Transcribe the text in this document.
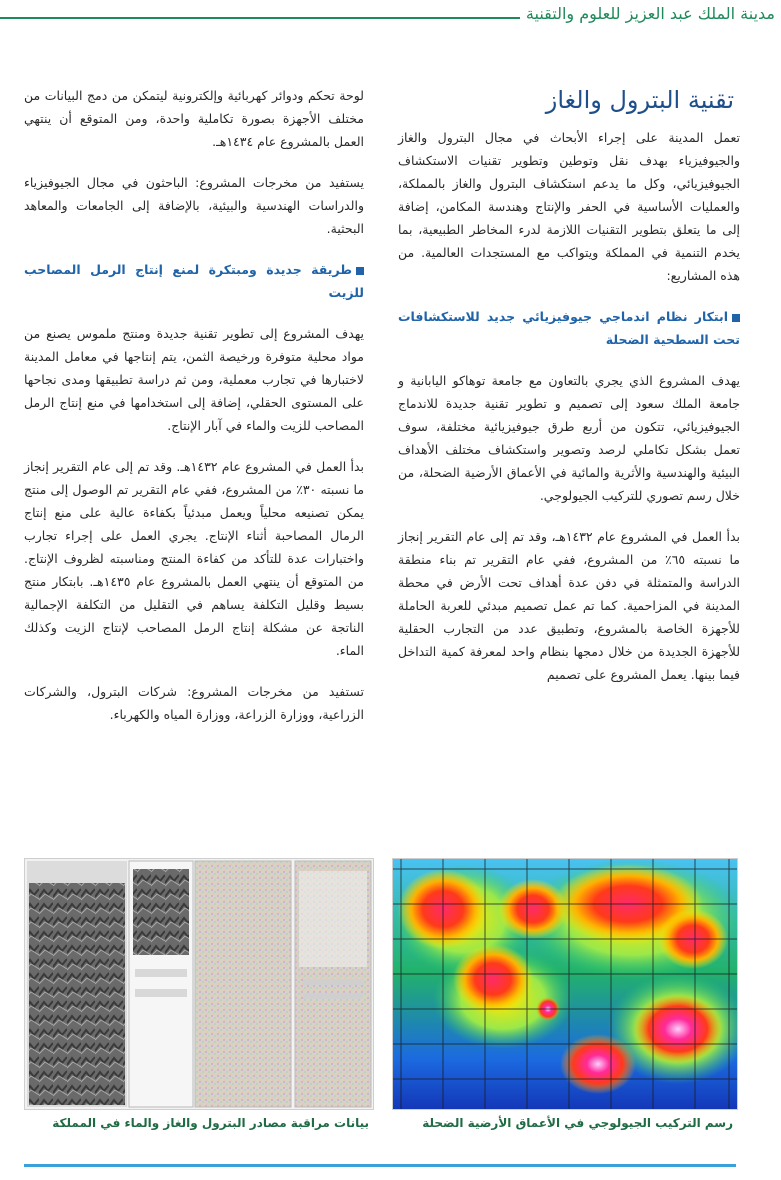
مدينة الملك عبد العزيز للعلوم والتقنية
تقنية البترول والغاز

تعمل المدينة على إجراء الأبحاث في مجال البترول والغاز والجيوفيزياء بهدف نقل وتوطين وتطوير تقنيات الاستكشاف الجيوفيزيائي، وكل ما يدعم استكشاف البترول والغاز بالمملكة، والعمليات الأساسية في الحفر والإنتاج وهندسة المكامن، إضافة إلى ما يتعلق بتطوير التقنيات اللازمة لدرء المخاطر الطبيعية، بما يخدم التنمية في المملكة ويتواكب مع المستجدات العالمية. من هذه المشاريع:

ابتكار نظام اندماجي جيوفيزيائي جديد للاستكشافات تحت السطحية الضحلة

يهدف المشروع الذي يجري بالتعاون مع جامعة توهاكو اليابانية و جامعة الملك سعود إلى تصميم و تطوير تقنية جديدة للاندماج الجيوفيزيائي، تتكون من أربع طرق جيوفيزيائية مختلفة، سوف تعمل بشكل تكاملي لرصد وتصوير واستكشاف مختلف الأهداف البيئية والهندسية والأثرية والمائية في الأعماق الأرضية الضحلة، من خلال رسم تصوري للتركيب الجيولوجي.

بدأ العمل في المشروع عام ١٤٣٢هـ، وقد تم إلى عام التقرير إنجاز ما نسبته ٦٥٪ من المشروع، ففي عام التقرير تم بناء منطقة الدراسة والمتمثلة في دفن عدة أهداف تحت الأرض في محطة المدينة في المزاحمية. كما تم عمل تصميم مبدئي للعربة الحاملة للأجهزة الخاصة بالمشروع، وتطبيق عدد من التجارب الحقلية للأجهزة الجديدة من خلال دمجها بنظام واحد لمعرفة كمية التداخل فيما بينها. يعمل المشروع على تصميم

لوحة تحكم ودوائر كهربائية وإلكترونية ليتمكن من دمج البيانات من مختلف الأجهزة بصورة تكاملية واحدة، ومن المتوقع أن ينتهي العمل بالمشروع عام ١٤٣٤هـ.

يستفيد من مخرجات المشروع: الباحثون في مجال الجيوفيزياء والدراسات الهندسية والبيئية، بالإضافة إلى الجامعات والمعاهد البحثية.

طريقة جديدة ومبتكرة لمنع إنتاج الرمل المصاحب للزيت

يهدف المشروع إلى تطوير تقنية جديدة ومنتج ملموس يصنع من مواد محلية متوفرة ورخيصة الثمن، يتم إنتاجها في معامل المدينة لاختبارها في تجارب معملية، ومن ثم دراسة تطبيقها ومدى نجاحها على المستوى الحقلي، إضافة إلى استخدامها في منع إنتاج الرمل المصاحب للزيت والماء في آبار الإنتاج.

بدأ العمل في المشروع عام ١٤٣٢هـ. وقد تم إلى عام التقرير إنجاز ما نسبته ٣٠٪ من المشروع، ففي عام التقرير تم الوصول إلى منتج يمكن تصنيعه محلياً ويعمل مبدئياً بكفاءة عالية على منع إنتاج الرمال المصاحبة أثناء الإنتاج. يجري العمل على إجراء تجارب واختبارات عدة للتأكد من كفاءة المنتج ومناسبته لظروف الإنتاج. من المتوقع أن ينتهي العمل بالمشروع عام ١٤٣٥هـ. بابتكار منتج بسيط وقليل التكلفة يساهم في التقليل من التكلفة الإجمالية الناتجة عن مشكلة إنتاج الرمل المصاحب لإنتاج الزيت وكذلك الماء.

تستفيد من مخرجات المشروع: شركات البترول، والشركات الزراعية، ووزارة الزراعة، ووزارة المياه والكهرباء.

رسم التركيب الجيولوجي في الأعماق الأرضية الضحلة
بيانات مراقبة مصادر البترول والغاز والماء في المملكة
